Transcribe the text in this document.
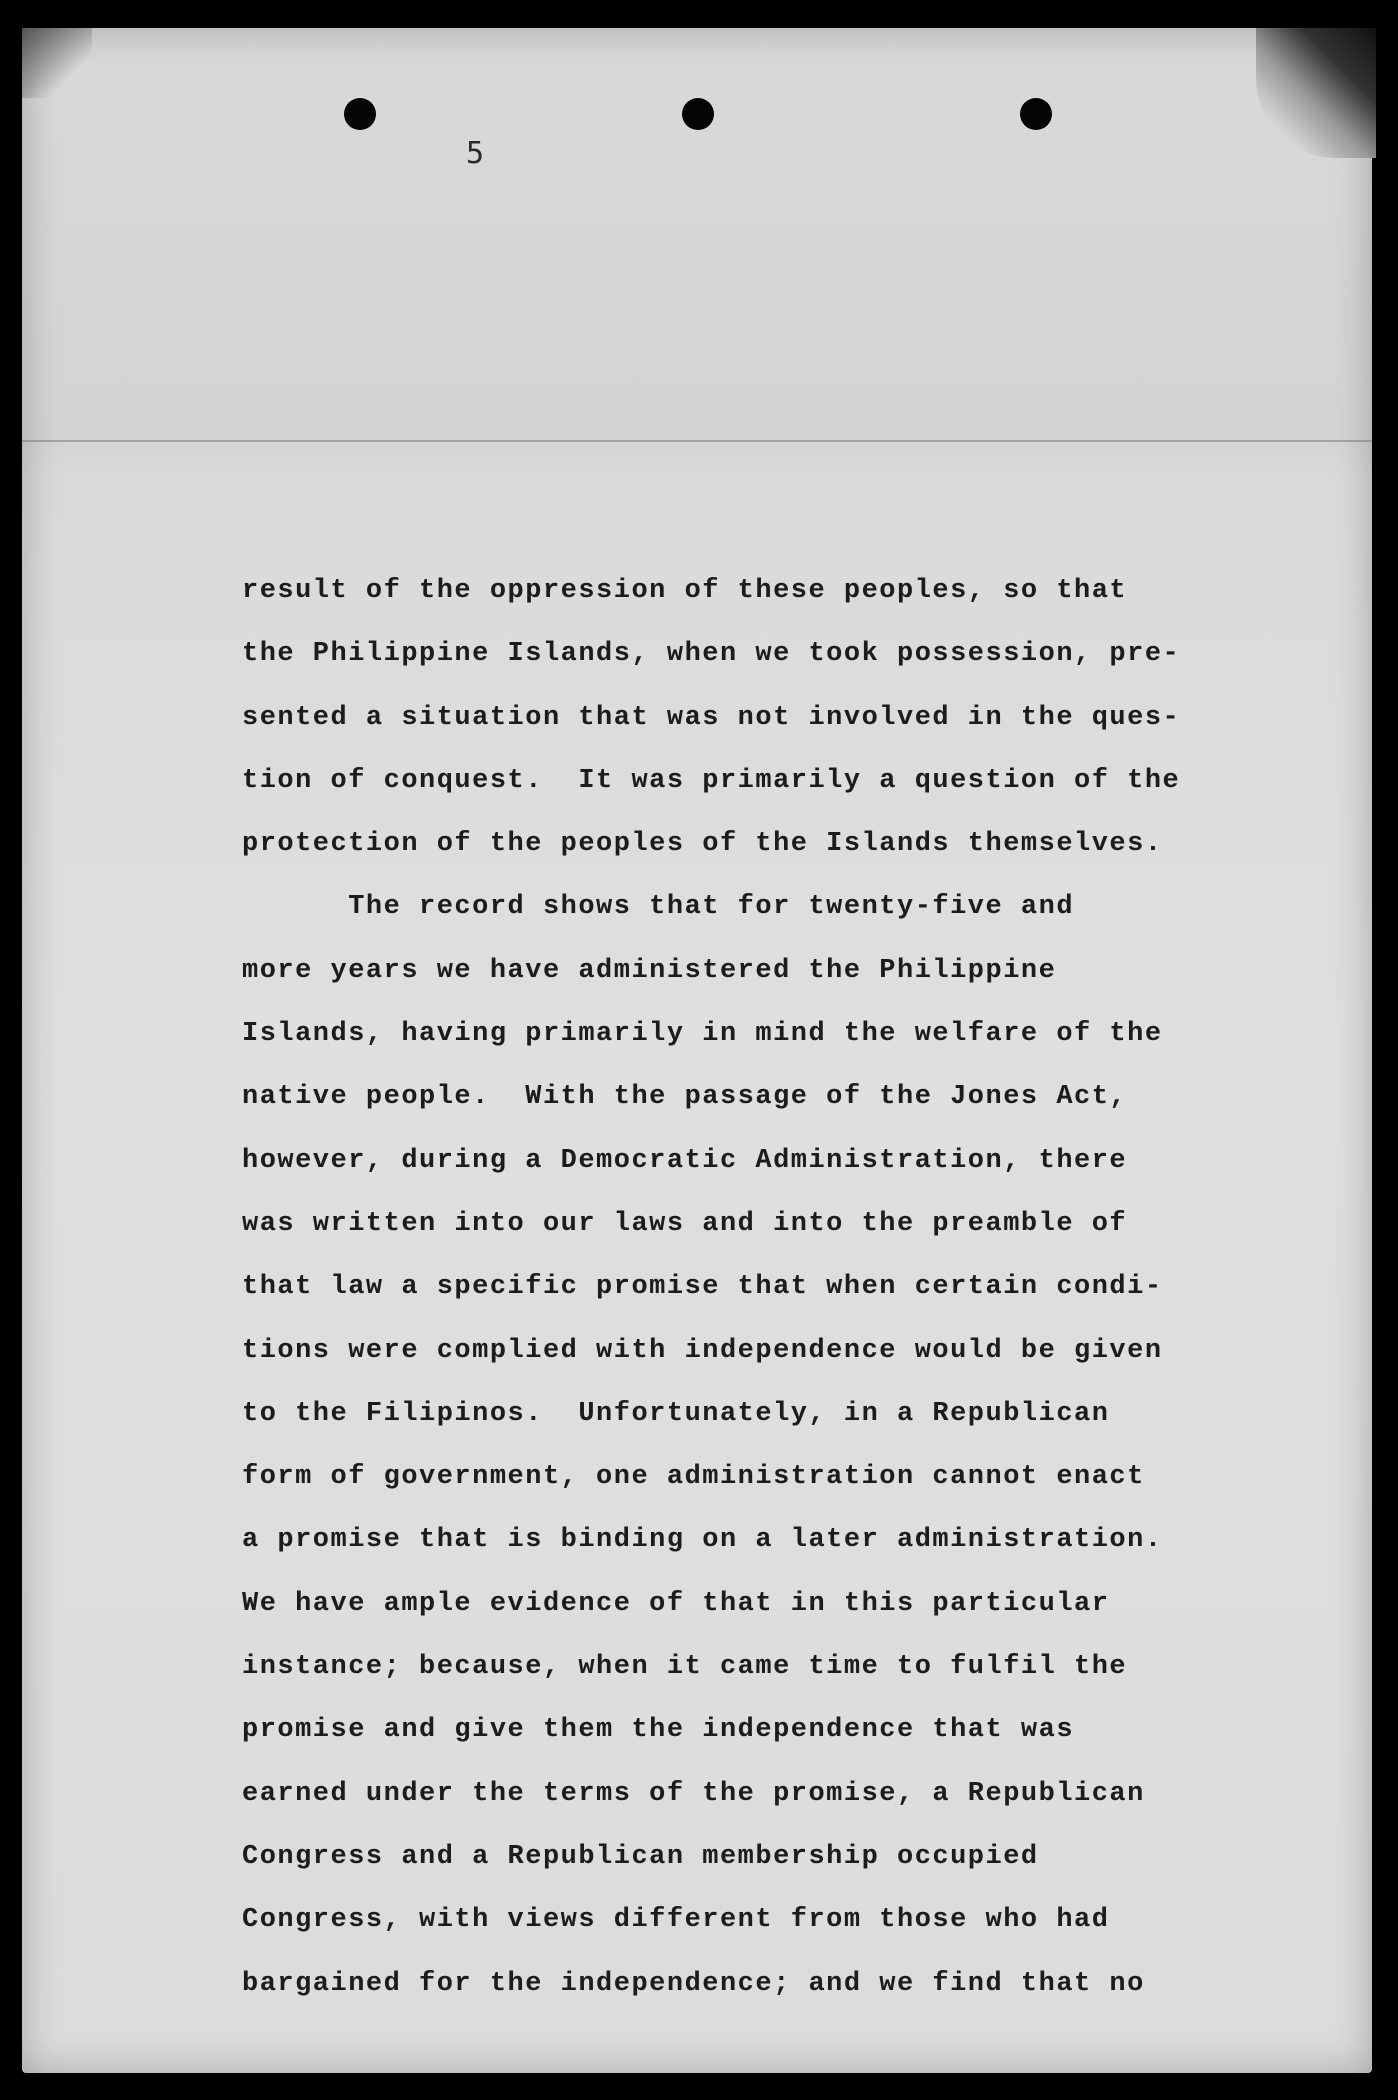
5
result of the oppression of these peoples, so that
the Philippine Islands, when we took possession, pre-
sented a situation that was not involved in the ques-
tion of conquest.  It was primarily a question of the
protection of the peoples of the Islands themselves.
The record shows that for twenty-five and
more years we have administered the Philippine
Islands, having primarily in mind the welfare of the
native people.  With the passage of the Jones Act,
however, during a Democratic Administration, there
was written into our laws and into the preamble of
that law a specific promise that when certain condi-
tions were complied with independence would be given
to the Filipinos.  Unfortunately, in a Republican
form of government, one administration cannot enact
a promise that is binding on a later administration.
We have ample evidence of that in this particular
instance; because, when it came time to fulfil the
promise and give them the independence that was
earned under the terms of the promise, a Republican
Congress and a Republican membership occupied
Congress, with views different from those who had
bargained for the independence; and we find that no
